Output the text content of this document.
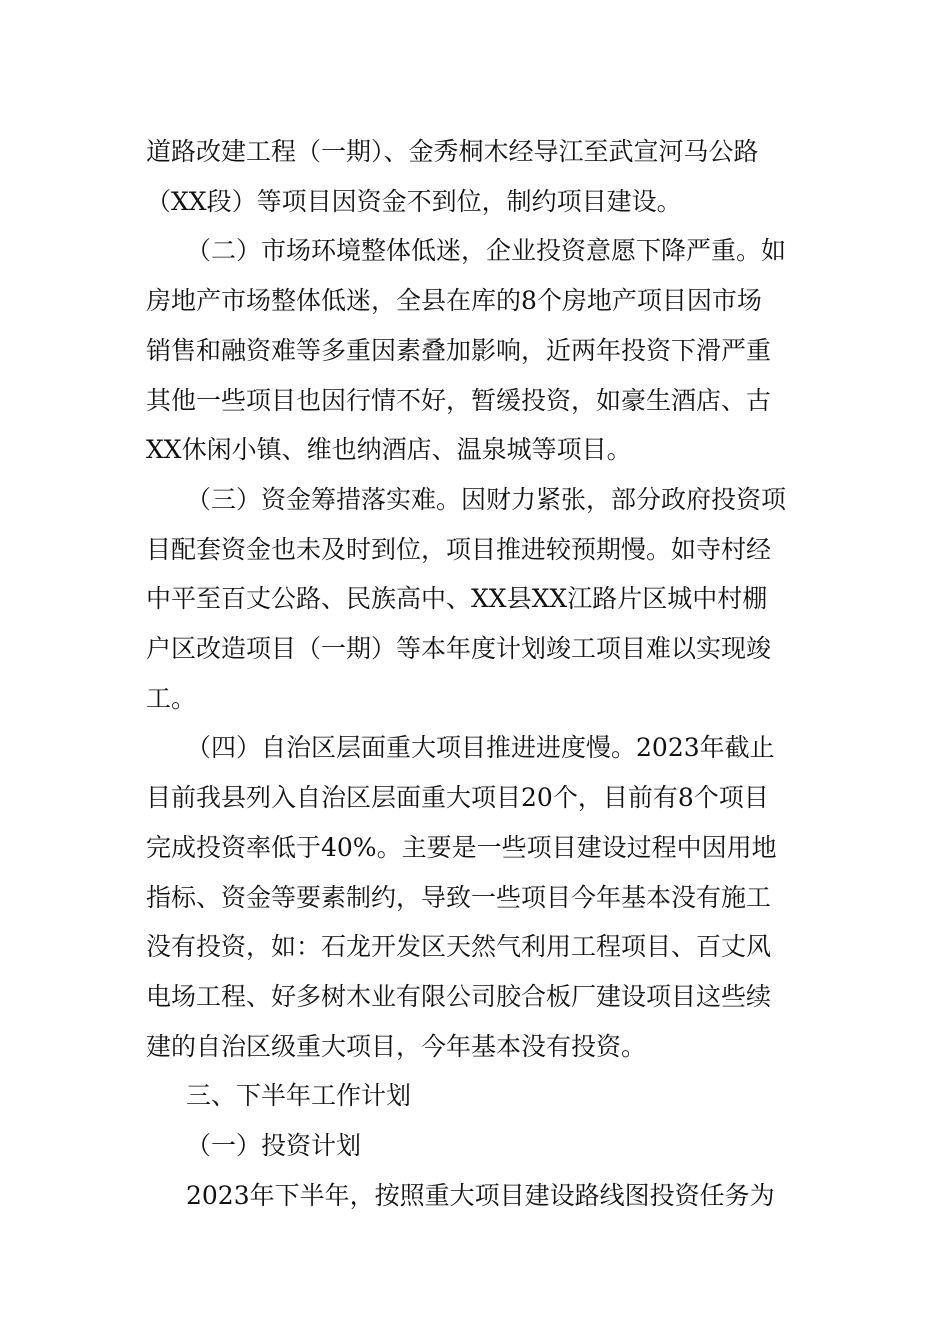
道路改建工程（一期）、金秀桐木经导江至武宣河马公路
（XX段）等项目因资金不到位，制约项目建设。
（二）市场环境整体低迷，企业投资意愿下降严重。如
房地产市场整体低迷，全县在库的8个房地产项目因市场
销售和融资难等多重因素叠加影响，近两年投资下滑严重
其他一些项目也因行情不好，暂缓投资，如豪生酒店、古
XX休闲小镇、维也纳酒店、温泉城等项目。
（三）资金筹措落实难。因财力紧张，部分政府投资项
目配套资金也未及时到位，项目推进较预期慢。如寺村经
中平至百丈公路、民族高中、XX县XX江路片区城中村棚
户区改造项目（一期）等本年度计划竣工项目难以实现竣
工。
（四）自治区层面重大项目推进进度慢。2023年截止
目前我县列入自治区层面重大项目20个，目前有8个项目
完成投资率低于40%。主要是一些项目建设过程中因用地
指标、资金等要素制约，导致一些项目今年基本没有施工
没有投资，如：石龙开发区天然气利用工程项目、百丈风
电场工程、好多树木业有限公司胶合板厂建设项目这些续
建的自治区级重大项目，今年基本没有投资。
三、下半年工作计划
（一）投资计划
2023年下半年，按照重大项目建设路线图投资任务为
